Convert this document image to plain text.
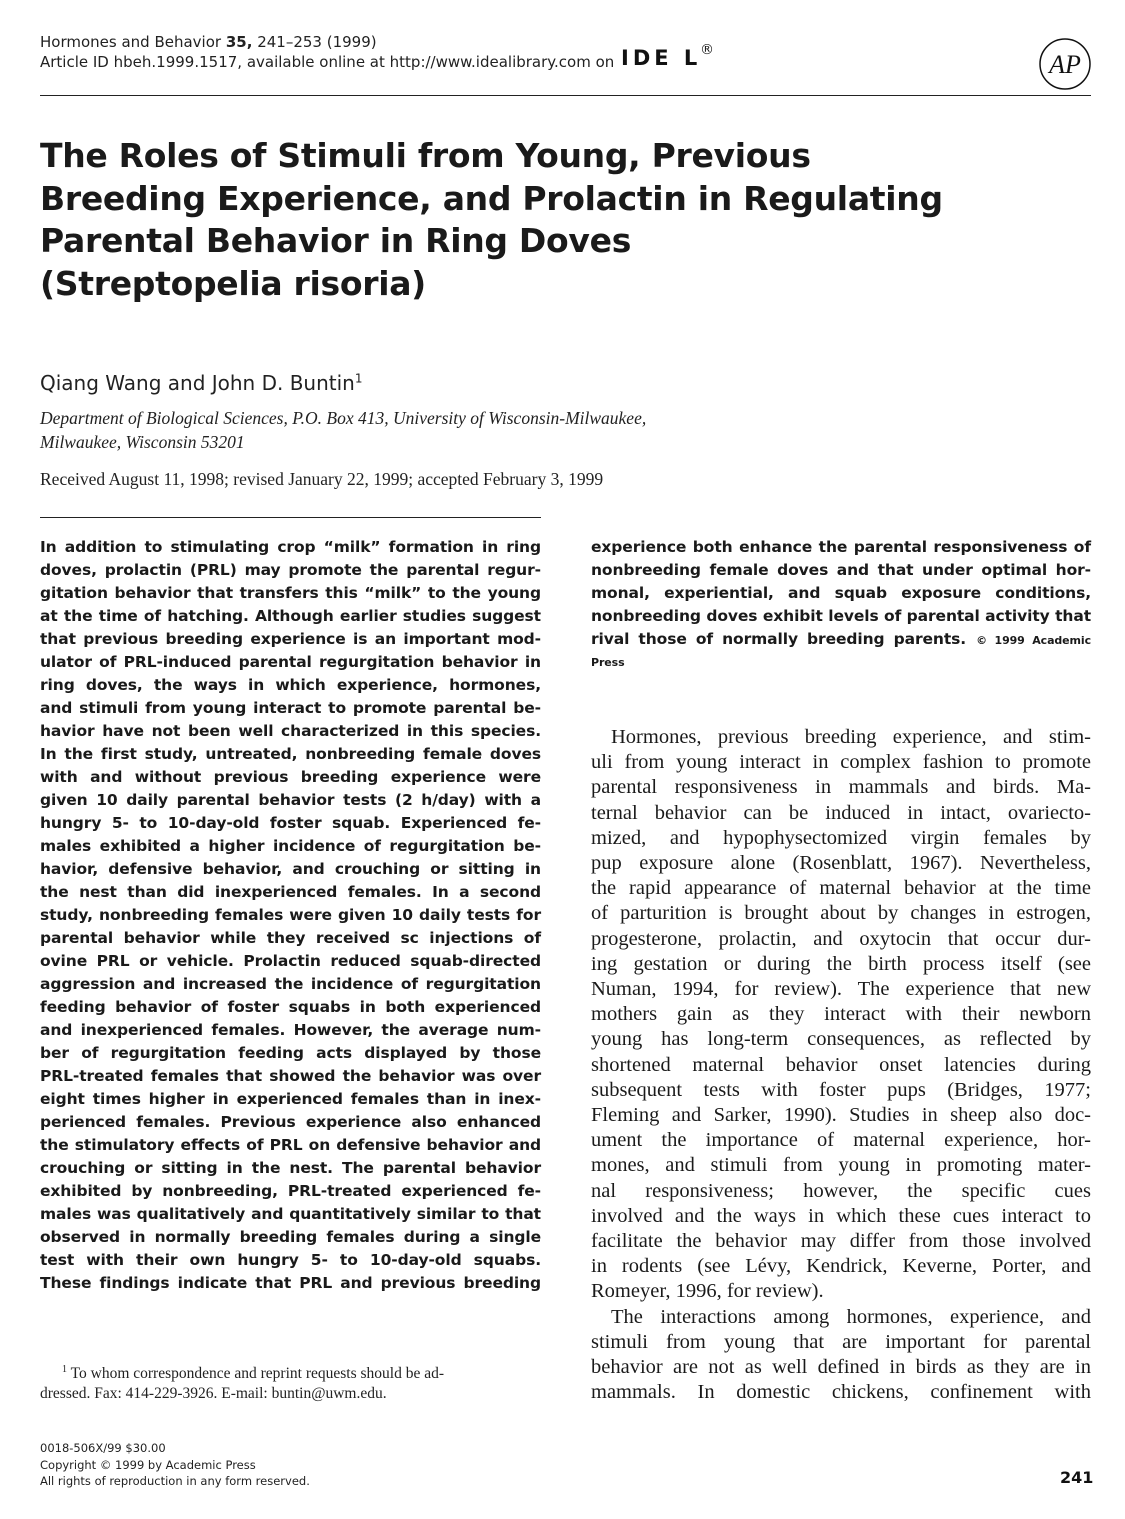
Hormones and Behavior 35, 241–253 (1999)
Article ID hbeh.1999.1517, available online at http://www.idealibrary.com on IDE L
®	AP
The Roles of Stimuli from Young, Previous
Breeding Experience, and Prolactin in Regulating
Parental Behavior in Ring Doves
(Streptopelia risoria)
Qiang Wang and John D. Buntin$^1$
Department of Biological Sciences, P.O. Box 413, University of Wisconsin-Milwaukee,
Milwaukee, Wisconsin 53201
Received August 11, 1998; revised January 22, 1999; accepted February 3, 1999
In addition to stimulating crop “milk” formation in ring
doves, prolactin (PRL) may promote the parental regur-
gitation behavior that transfers this “milk” to the young
at the time of hatching. Although earlier studies suggest
that previous breeding experience is an important mod-
ulator of PRL-induced parental regurgitation behavior in
ring doves, the ways in which experience, hormones,
and stimuli from young interact to promote parental be-
havior have not been well characterized in this species.
In the first study, untreated, nonbreeding female doves
with and without previous breeding experience were
given 10 daily parental behavior tests (2 h/day) with a
hungry 5- to 10-day-old foster squab. Experienced fe-
males exhibited a higher incidence of regurgitation be-
havior, defensive behavior, and crouching or sitting in
the nest than did inexperienced females. In a second
study, nonbreeding females were given 10 daily tests for
parental behavior while they received sc injections of
ovine PRL or vehicle. Prolactin reduced squab-directed
aggression and increased the incidence of regurgitation
feeding behavior of foster squabs in both experienced
and inexperienced females. However, the average num-
ber of regurgitation feeding acts displayed by those
PRL-treated females that showed the behavior was over
eight times higher in experienced females than in inex-
perienced females. Previous experience also enhanced
the stimulatory effects of PRL on defensive behavior and
crouching or sitting in the nest. The parental behavior
exhibited by nonbreeding, PRL-treated experienced fe-
males was qualitatively and quantitatively similar to that
observed in normally breeding females during a single
test with their own hungry 5- to 10-day-old squabs.
These findings indicate that PRL and previous breeding
experience both enhance the parental responsiveness of
nonbreeding female doves and that under optimal hor-
monal, experiential, and squab exposure conditions,
nonbreeding doves exhibit levels of parental activity that
rival those of normally breeding parents. © 1999 Academic
Press
Hormones, previous breeding experience, and stim-
uli from young interact in complex fashion to promote
parental responsiveness in mammals and birds. Ma-
ternal behavior can be induced in intact, ovariecto-
mized, and hypophysectomized virgin females by
pup exposure alone (Rosenblatt, 1967). Nevertheless,
the rapid appearance of maternal behavior at the time
of parturition is brought about by changes in estrogen,
progesterone, prolactin, and oxytocin that occur dur-
ing gestation or during the birth process itself (see
Numan, 1994, for review). The experience that new
mothers gain as they interact with their newborn
young has long-term consequences, as reflected by
shortened maternal behavior onset latencies during
subsequent tests with foster pups (Bridges, 1977;
Fleming and Sarker, 1990). Studies in sheep also doc-
ument the importance of maternal experience, hor-
mones, and stimuli from young in promoting mater-
nal responsiveness; however, the specific cues
involved and the ways in which these cues interact to
facilitate the behavior may differ from those involved
in rodents (see Lévy, Kendrick, Keverne, Porter, and
Romeyer, 1996, for review).
The interactions among hormones, experience, and
stimuli from young that are important for parental
behavior are not as well defined in birds as they are in
mammals. In domestic chickens, confinement with
$^1$ To whom correspondence and reprint requests should be ad-
dressed. Fax: 414-229-3926. E-mail: buntin@uwm.edu.
0018-506X/99 $30.00
Copyright © 1999 by Academic Press
All rights of reproduction in any form reserved.	241
